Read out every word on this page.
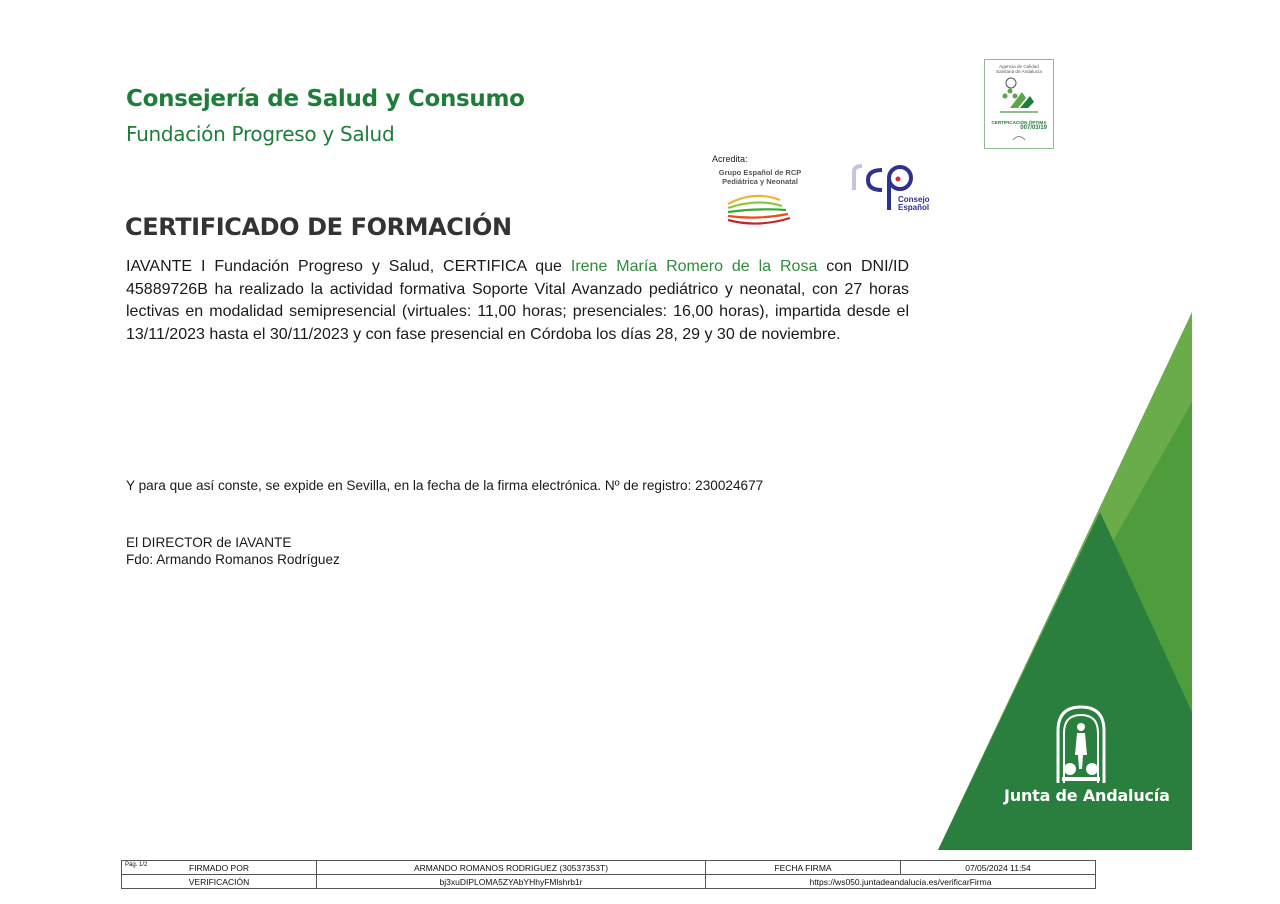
Consejería de Salud y Consumo
Fundación Progreso y Salud
Agencia de Calidad
Sanitaria de Andalucía
CERTIFICACIÓN ÓPTIMA
007/03/19
Acredita:
Grupo Español de RCP
Pediátrica y Neonatal
Consejo
Español
CERTIFICADO DE FORMACIÓN
IAVANTE I Fundación Progreso y Salud, CERTIFICA que Irene María Romero de la Rosa con DNI/ID 45889726B ha realizado la actividad formativa Soporte Vital Avanzado pediátrico y neonatal, con 27 horas lectivas en modalidad semipresencial (virtuales: 11,00 horas; presenciales: 16,00 horas), impartida desde el 13/11/2023 hasta el 30/11/2023 y con fase presencial en Córdoba los días 28, 29 y 30 de noviembre.
Y para que así conste, se expide en Sevilla, en la fecha de la firma electrónica. Nº de registro: 230024677
El DIRECTOR de IAVANTE
Fdo: Armando Romanos Rodríguez
Junta de Andalucía
Pág. 1/2 FIRMADO POR	ARMANDO ROMANOS RODRIGUEZ (30537353T)	FECHA FIRMA	07/05/2024 11:54
VERIFICACIÓN	bj3xuDIPLOMA5ZYAbYHhyFMlshrb1r	https://ws050.juntadeandalucia.es/verificarFirma	
